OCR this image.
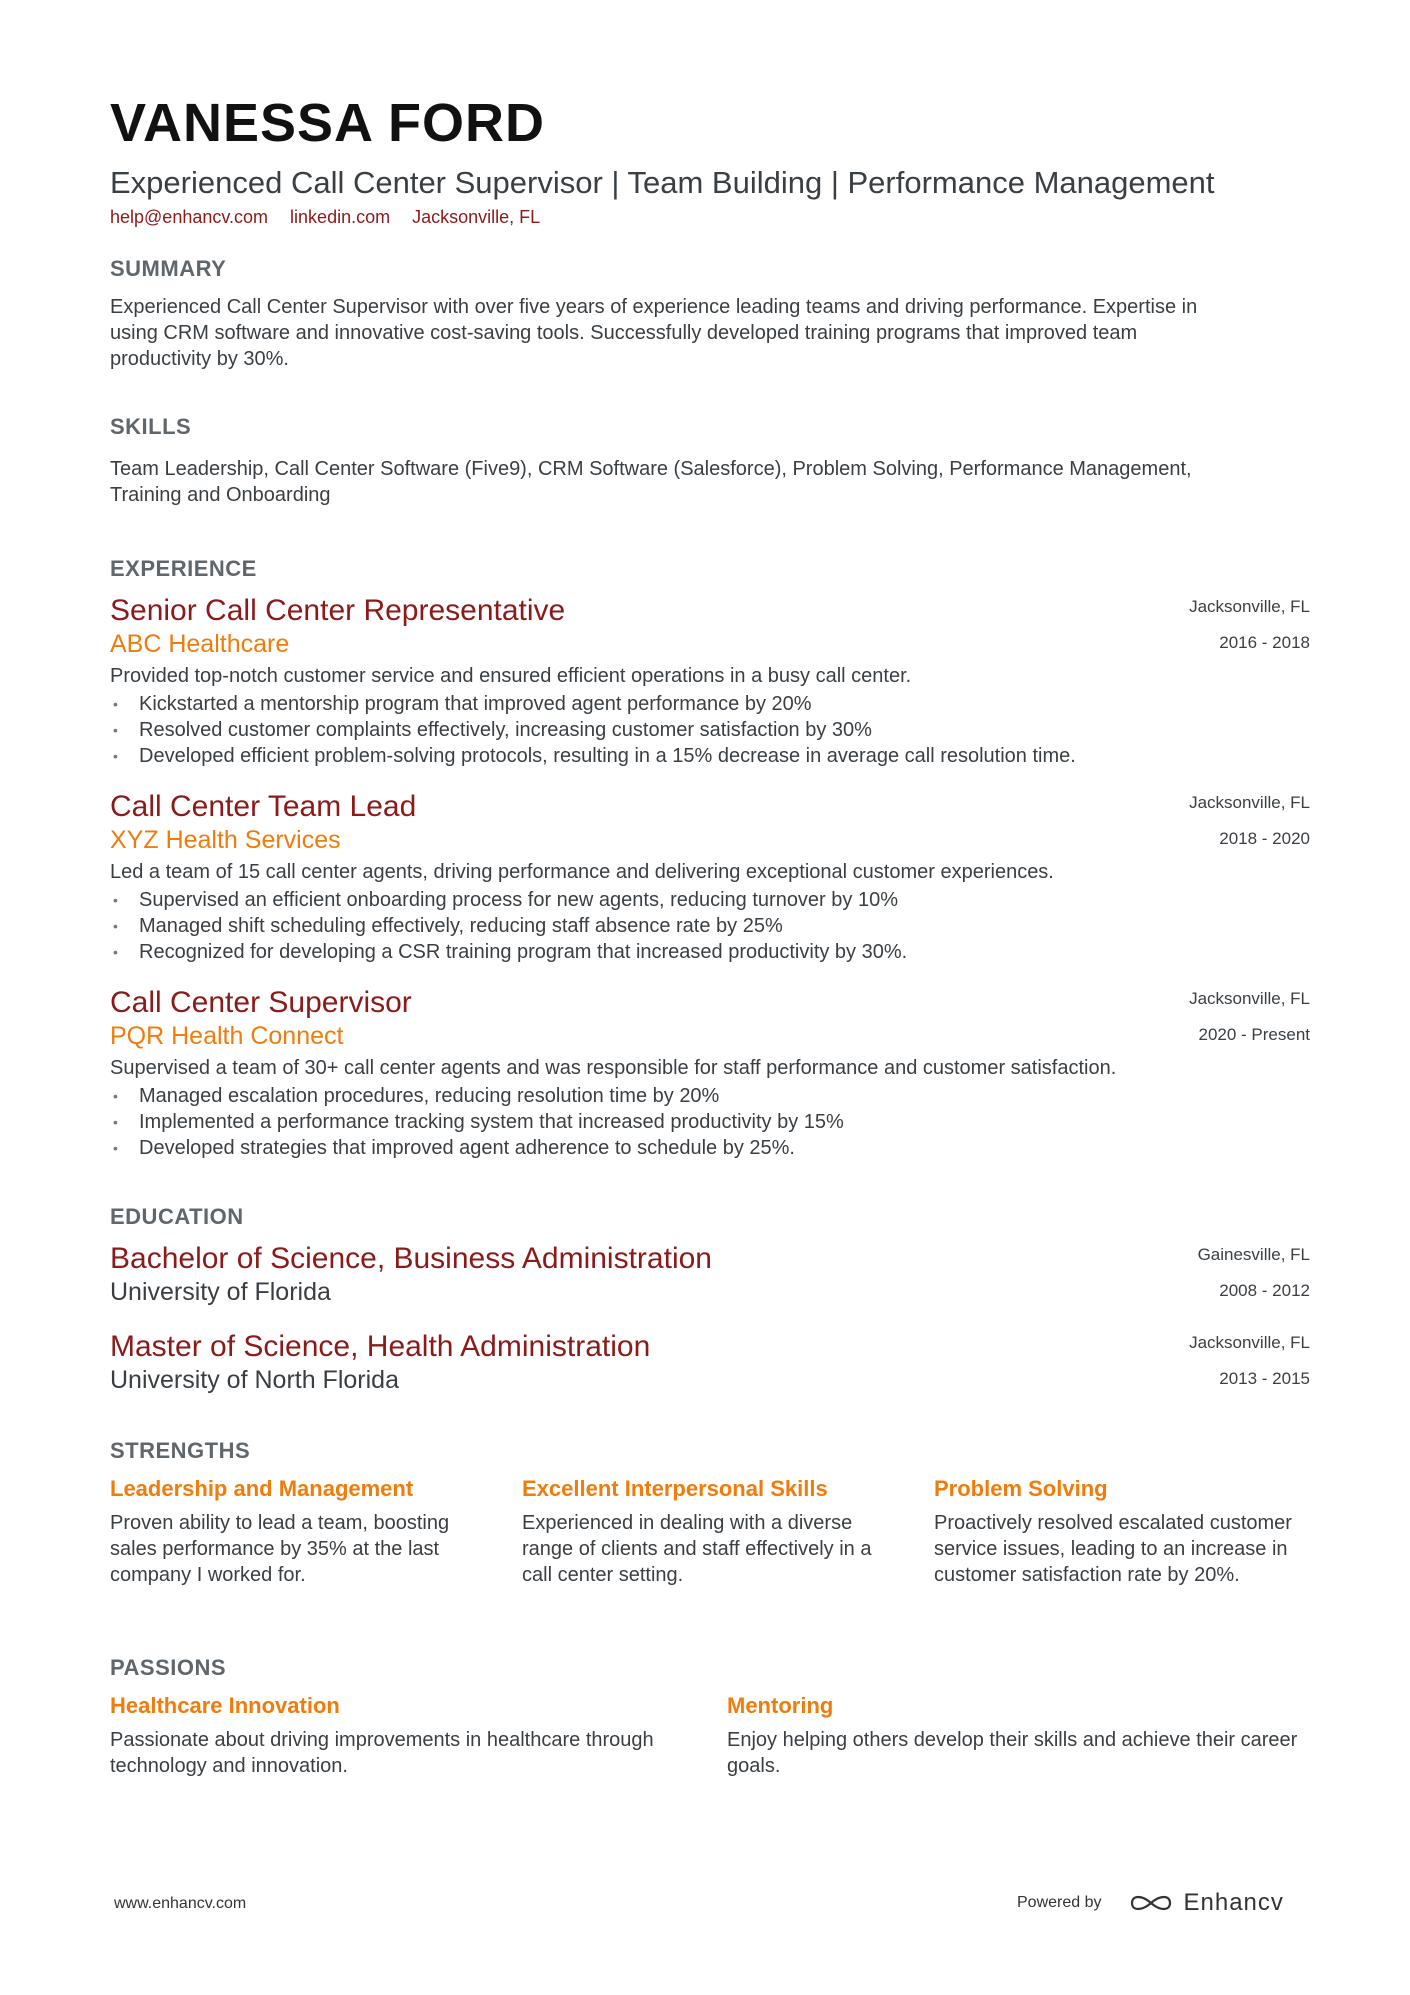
VANESSA FORD
Experienced Call Center Supervisor | Team Building | Performance Management
help@enhancv.com linkedin.com Jacksonville, FL
SUMMARY
Experienced Call Center Supervisor with over five years of experience leading teams and driving performance. Expertise in using CRM software and innovative cost-saving tools. Successfully developed training programs that improved team productivity by 30%.
SKILLS
Team Leadership, Call Center Software (Five9), CRM Software (Salesforce), Problem Solving, Performance Management, Training and Onboarding
EXPERIENCE
Senior Call Center Representative
ABC Healthcare
Provided top-notch customer service and ensured efficient operations in a busy call center.
• Kickstarted a mentorship program that improved agent performance by 20%
• Resolved customer complaints effectively, increasing customer satisfaction by 30%
• Developed efficient problem-solving protocols, resulting in a 15% decrease in average call resolution time.
Jacksonville, FL
2016 - 2018
Call Center Team Lead
XYZ Health Services
Led a team of 15 call center agents, driving performance and delivering exceptional customer experiences.
• Supervised an efficient onboarding process for new agents, reducing turnover by 10%
• Managed shift scheduling effectively, reducing staff absence rate by 25%
• Recognized for developing a CSR training program that increased productivity by 30%.
Jacksonville, FL
2018 - 2020
Call Center Supervisor
PQR Health Connect
Supervised a team of 30+ call center agents and was responsible for staff performance and customer satisfaction.
• Managed escalation procedures, reducing resolution time by 20%
• Implemented a performance tracking system that increased productivity by 15%
• Developed strategies that improved agent adherence to schedule by 25%.
Jacksonville, FL
2020 - Present
EDUCATION
Bachelor of Science, Business Administration
University of Florida
Gainesville, FL
2008 - 2012
Master of Science, Health Administration
University of North Florida
Jacksonville, FL
2013 - 2015
STRENGTHS
Leadership and Management
Proven ability to lead a team, boosting sales performance by 35% at the last company I worked for.
Excellent Interpersonal Skills
Experienced in dealing with a diverse range of clients and staff effectively in a call center setting.
Problem Solving
Proactively resolved escalated customer service issues, leading to an increase in customer satisfaction rate by 20%.
PASSIONS
Healthcare Innovation
Passionate about driving improvements in healthcare through technology and innovation.
Mentoring
Enjoy helping others develop their skills and achieve their career goals.
www.enhancv.com	Powered by	Enhancv
